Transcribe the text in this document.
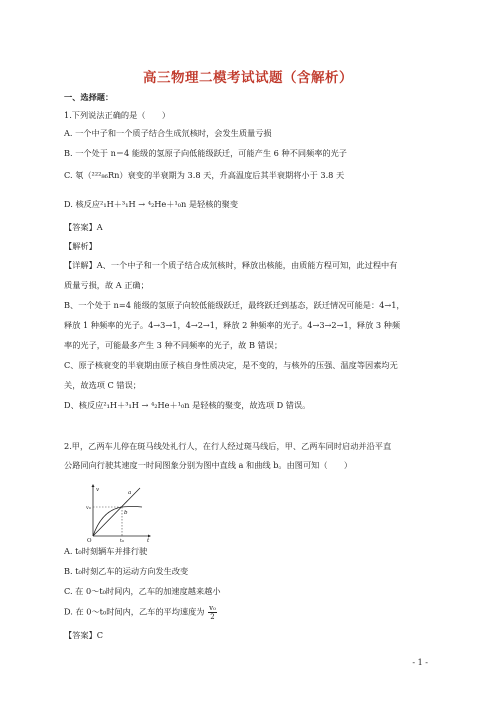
高三物理二模考试试题（含解析）
一、选择题：
1.下列说法正确的是（　　）
A. 一个中子和一个质子结合生成氘核时，会发生质量亏损
B. 一个处于 n＝4 能级的氢原子向低能级跃迁，可能产生 6 种不同频率的光子
C. 氡（²²²₈₆Rn）衰变的半衰期为 3.8 天，升高温度后其半衰期将小于 3.8 天
D. 核反应²₁H＋³₁H → ⁴₂He＋¹₀n 是轻核的聚变
【答案】A
【解析】
【详解】A、一个中子和一个质子结合成氘核时，释放出核能，由质能方程可知，此过程中有
质量亏损，故 A 正确；
B、一个处于 n=4 能级的氢原子向较低能级跃迁，最终跃迁到基态，跃迁情况可能是：4→1，
释放 1 种频率的光子。4→3→1，4→2→1，释放 2 种频率的光子。4→3→2→1，释放 3 种频
率的光子，可能最多产生 3 种不同频率的光子，故 B 错误；
C、原子核衰变的半衰期由原子核自身性质决定，是不变的，与核外的压强、温度等因素均无
关，故选项 C 错误；
D、核反应²₁H＋³₁H → ⁴₂He＋¹₀n 是轻核的聚变，故选项 D 错误。
2.甲，乙两车儿停在斑马线处礼行人，在行人经过斑马线后，甲、乙两车同时启动并沿平直
公路同向行驶其速度一时间图象分别为图中直线 a 和曲线 b。由图可知（　　）
v
t
O
v₀
t₀
a
b
A. t₀时刻辆车并排行驶
B. t₀时刻乙车的运动方向发生改变
C. 在 0～t₀时间内，乙车的加速度越来越小
D. 在 0～t₀时间内，乙车的平均速度为 $\frac{\text{v₀}}{2}$
【答案】C
- 1 -
